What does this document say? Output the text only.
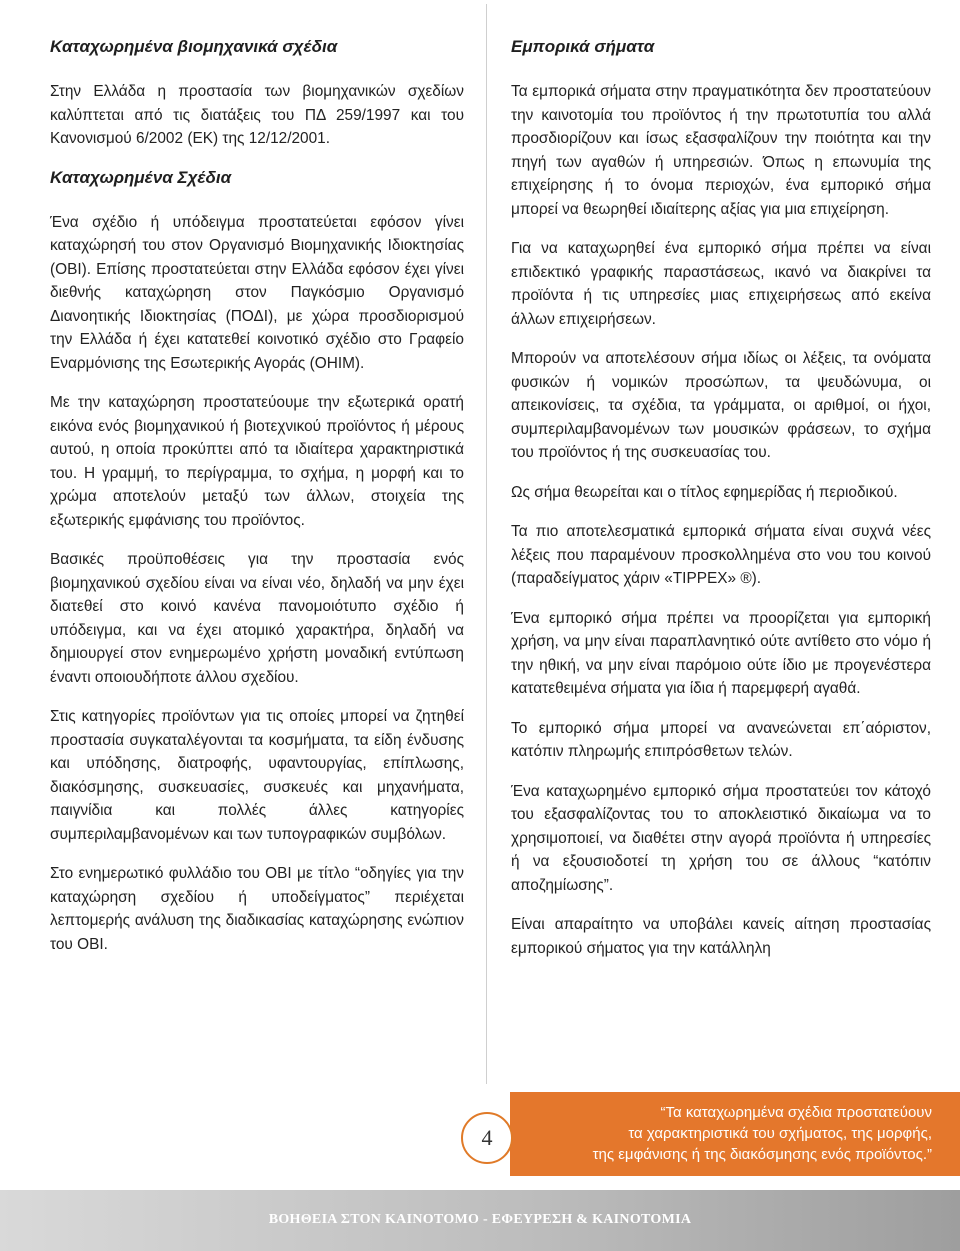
Καταχωρημένα βιομηχανικά σχέδια

Στην Ελλάδα η προστασία των βιομηχανικών σχεδίων καλύπτεται από τις διατάξεις του ΠΔ 259/1997 και του Κανονισμού 6/2002 (ΕΚ) της 12/12/2001.

Καταχωρημένα Σχέδια

Ένα σχέδιο ή υπόδειγμα προστατεύεται εφόσον γίνει καταχώρησή του στον Οργανισμό Βιομηχανικής Ιδιοκτησίας (ΟΒΙ). Επίσης προστατεύεται στην Ελλάδα εφόσον έχει γίνει διεθνής καταχώρηση στον Παγκόσμιο Οργανισμό Διανοητικής Ιδιοκτησίας (ΠΟΔΙ), με χώρα προσδιορισμού την Ελλάδα ή έχει κατατεθεί κοινοτικό σχέδιο στο Γραφείο Εναρμόνισης της Εσωτερικής Αγοράς (ΟΗΙΜ).

Με την καταχώρηση προστατεύουμε την εξωτερικά ορατή εικόνα ενός βιομηχανικού ή βιοτεχνικού προϊόντος ή μέρους αυτού, η οποία προκύπτει από τα ιδιαίτερα χαρακτηριστικά του. Η γραμμή, το περίγραμμα, το σχήμα, η μορφή και το χρώμα αποτελούν μεταξύ των άλλων, στοιχεία της εξωτερικής εμφάνισης του προϊόντος.

Βασικές προϋποθέσεις για την προστασία ενός βιομηχανικού σχεδίου είναι να είναι νέο, δηλαδή να μην έχει διατεθεί στο κοινό κανένα πανομοιότυπο σχέδιο ή υπόδειγμα, και να έχει ατομικό χαρακτήρα, δηλαδή να δημιουργεί στον ενημερωμένο χρήστη μοναδική εντύπωση έναντι οποιουδήποτε άλλου σχεδίου.

Στις κατηγορίες προϊόντων για τις οποίες μπορεί να ζητηθεί προστασία συγκαταλέγονται τα κοσμήματα, τα είδη ένδυσης και υπόδησης, διατροφής, υφαντουργίας, επίπλωσης, διακόσμησης, συσκευασίες, συσκευές και μηχανήματα, παιγνίδια και πολλές άλλες κατηγορίες συμπεριλαμβανομένων και των τυπογραφικών συμβόλων.

Στο ενημερωτικό φυλλάδιο του ΟΒΙ με τίτλο “οδηγίες για την καταχώρηση σχεδίου ή υποδείγματος” περιέχεται λεπτομερής ανάλυση της διαδικασίας καταχώρησης ενώπιον του ΟΒΙ.

Εμπορικά σήματα

Τα εμπορικά σήματα στην πραγματικότητα δεν προστατεύουν την καινοτομία του προϊόντος ή την πρωτοτυπία του αλλά προσδιορίζουν και ίσως εξασφαλίζουν την ποιότητα και την πηγή των αγαθών ή υπηρεσιών. Όπως η επωνυμία της επιχείρησης ή το όνομα περιοχών, ένα εμπορικό σήμα μπορεί να θεωρηθεί ιδιαίτερης αξίας για μια επιχείρηση.

Για να καταχωρηθεί ένα εμπορικό σήμα πρέπει να είναι επιδεκτικό γραφικής παραστάσεως, ικανό να διακρίνει τα προϊόντα ή τις υπηρεσίες μιας επιχειρήσεως από εκείνα άλλων επιχειρήσεων.

Μπορούν να αποτελέσουν σήμα ιδίως οι λέξεις, τα ονόματα φυσικών ή νομικών προσώπων, τα ψευδώνυμα, οι απεικονίσεις, τα σχέδια, τα γράμματα, οι αριθμοί, οι ήχοι, συμπεριλαμβανομένων των μουσικών φράσεων, το σχήμα του προϊόντος ή της συσκευασίας του.

Ως σήμα θεωρείται και ο τίτλος εφημερίδας ή περιοδικού.

Τα πιο αποτελεσματικά εμπορικά σήματα είναι συχνά νέες λέξεις που παραμένουν προσκολλημένα στο νου του κοινού (παραδείγματος χάριν «TIPPEX» ®).

Ένα εμπορικό σήμα πρέπει να προορίζεται για εμπορική χρήση, να μην είναι παραπλανητικό ούτε αντίθετο στο νόμο ή την ηθική, να μην είναι παρόμοιο ούτε ίδιο με προγενέστερα κατατεθειμένα σήματα για ίδια ή παρεμφερή αγαθά.

Το εμπορικό σήμα μπορεί να ανανεώνεται επ΄αόριστον, κατόπιν πληρωμής επιπρόσθετων τελών.

Ένα καταχωρημένο εμπορικό σήμα προστατεύει τον κάτοχό του εξασφαλίζοντας του το αποκλειστικό δικαίωμα να το χρησιμοποιεί, να διαθέτει στην αγορά προϊόντα ή υπηρεσίες ή να εξουσιοδοτεί τη χρήση του σε άλλους “κατόπιν αποζημίωσης”.

Είναι απαραίτητο να υποβάλει κανείς αίτηση προστασίας εμπορικού σήματος για την κατάλληλη

“Τα καταχωρημένα σχέδια προστατεύουν
τα χαρακτηριστικά του σχήματος, της μορφής,
της εμφάνισης ή της διακόσμησης ενός προϊόντος.”
4
ΒΟΗΘΕΙΑ ΣΤΟΝ ΚΑΙΝΟΤΟΜΟ - ΕΦΕΥΡΕΣΗ & ΚΑΙΝΟΤΟΜΙΑ
